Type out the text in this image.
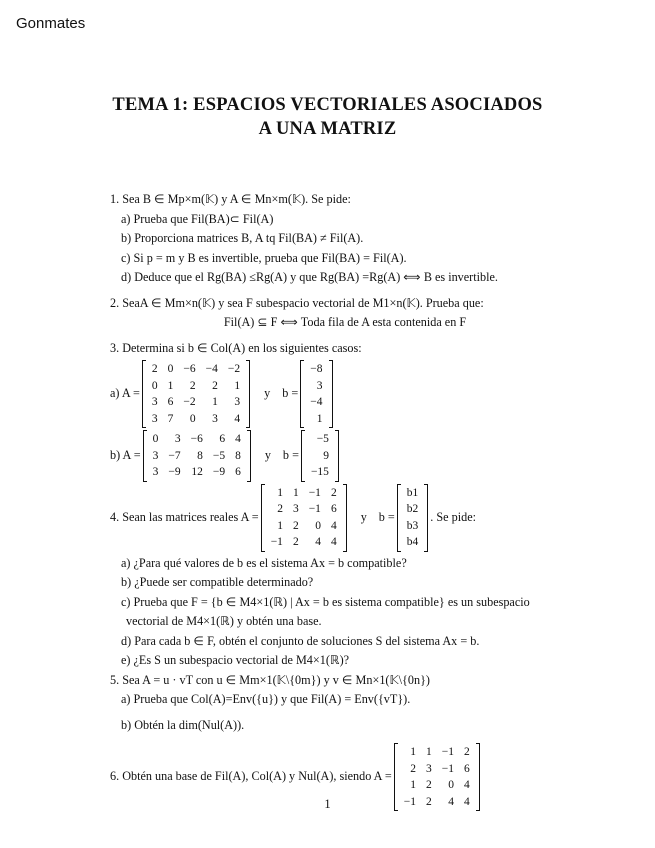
Gonmates
TEMA 1: ESPACIOS VECTORIALES ASOCIADOS
A UNA MATRIZ
1. Sea B ∈ Mp×m(𝕂) y A ∈ Mn×m(𝕂). Se pide:
a) Prueba que Fil(BA)⊂ Fil(A)
b) Proporciona matrices B, A tq Fil(BA) ≠ Fil(A).
c) Si p = m y B es invertible, prueba que Fil(BA) = Fil(A).
d) Deduce que el Rg(BA) ≤Rg(A) y que Rg(BA) =Rg(A) ⟺ B es invertible.
2. SeaA ∈ Mm×n(𝕂) y sea F subespacio vectorial de M1×n(𝕂). Prueba que:
Fil(A) ⊆ F ⟺ Toda fila de A esta contenida en F
3. Determina si b ∈ Col(A) en los siguientes casos:
a) A =
2	0	−6	−4	−2
0	1	2	2	1
3	6	−2	1	3
3	7	0	3	4
y b =
−8
3
−4
1
b) A =
0	3	−6	6	4
3	−7	8	−5	8
3	−9	12	−9	6
y b =
−5
9
−15
4. Sean las matrices reales A =
1	1	−1	2
2	3	−1	6
1	2	0	4
−1	2	4	4
y b =
b1
b2
b3
b4
. Se pide:
a) ¿Para qué valores de b es el sistema Ax = b compatible?
b) ¿Puede ser compatible determinado?
c) Prueba que F = {b ∈ M4×1(ℝ) | Ax = b es sistema compatible} es un subespacio
vectorial de M4×1(ℝ) y obtén una base.
d) Para cada b ∈ F, obtén el conjunto de soluciones S del sistema Ax = b.
e) ¿Es S un subespacio vectorial de M4×1(ℝ)?
5. Sea A = u · vT con u ∈ Mm×1(𝕂\{0m}) y v ∈ Mn×1(𝕂\{0n})
a) Prueba que Col(A)=Env({u}) y que Fil(A) = Env({vT}).
b) Obtén la dim(Nul(A)).
6. Obtén una base de Fil(A), Col(A) y Nul(A), siendo A =
1	1	−1	2
2	3	−1	6
1	2	0	4
−1	2	4	4
1
